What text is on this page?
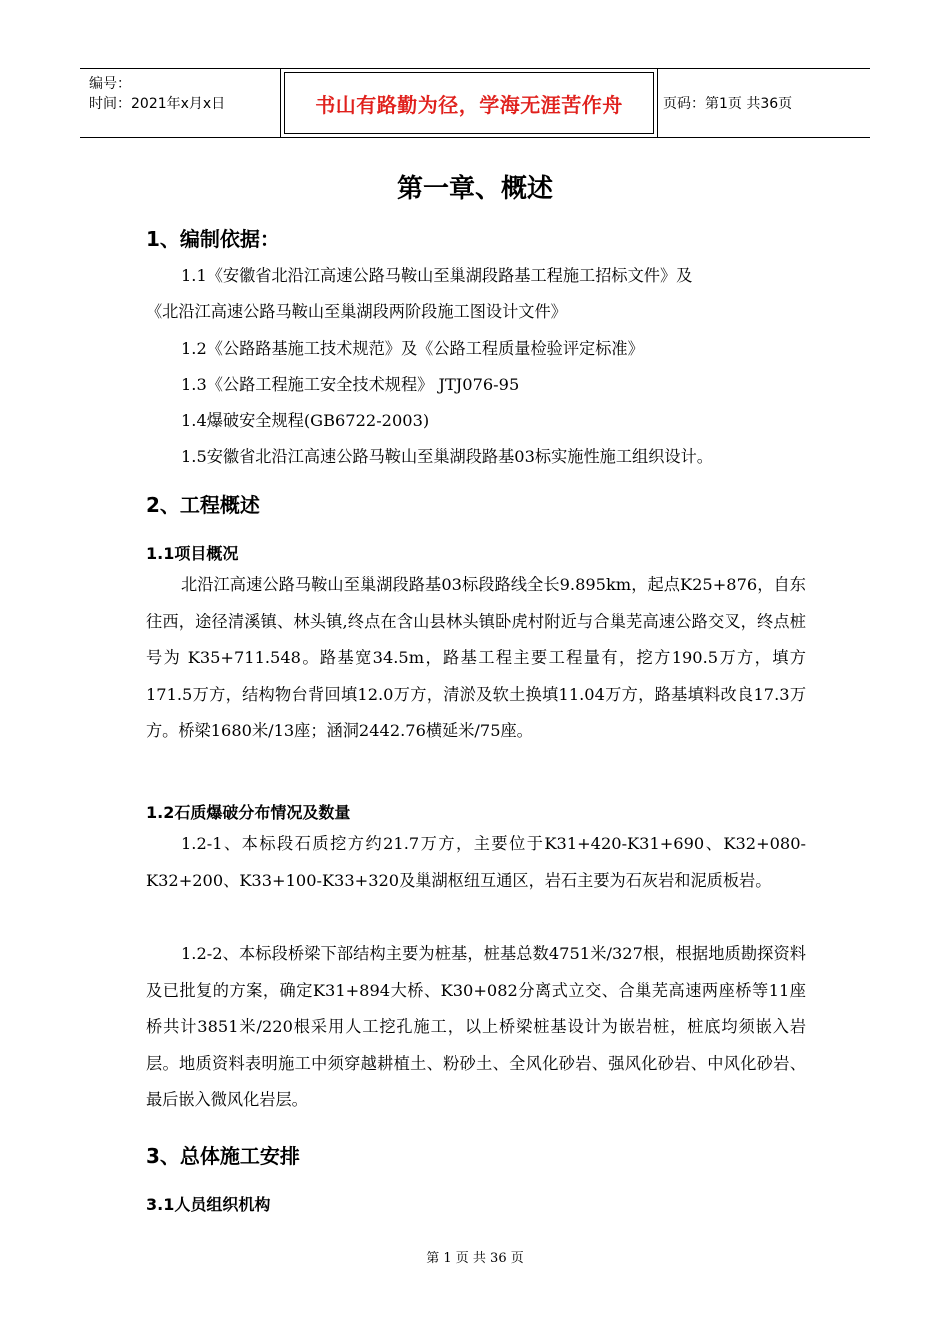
编号：
时间：2021年x月x日	书山有路勤为径，学海无涯苦作舟	页码：第1页 共36页
第一章、概述
1、编制依据：
1.1《安徽省北沿江高速公路马鞍山至巢湖段路基工程施工招标文件》及
《北沿江高速公路马鞍山至巢湖段两阶段施工图设计文件》
1.2《公路路基施工技术规范》及《公路工程质量检验评定标准》
1.3《公路工程施工安全技术规程》 JTJ076-95
1.4爆破安全规程(GB6722-2003)
1.5安徽省北沿江高速公路马鞍山至巢湖段路基03标实施性施工组织设计。
2、工程概述
1.1项目概况
北沿江高速公路马鞍山至巢湖段路基03标段路线全长9.895km，起点K25+876，自东往西，途径清溪镇、林头镇,终点在含山县林头镇卧虎村附近与合巢芜高速公路交叉，终点桩号为 K35+711.548。路基宽34.5m，路基工程主要工程量有，挖方190.5万方，填方171.5万方，结构物台背回填12.0万方，清淤及软土换填11.04万方，路基填料改良17.3万方。桥梁1680米/13座；涵洞2442.76横延米/75座。
1.2石质爆破分布情况及数量
1.2-1、本标段石质挖方约21.7万方，主要位于K31+420-K31+690、K32+080-K32+200、K33+100-K33+320及巢湖枢纽互通区，岩石主要为石灰岩和泥质板岩。
1.2-2、本标段桥梁下部结构主要为桩基，桩基总数4751米/327根，根据地质勘探资料及已批复的方案，确定K31+894大桥、K30+082分离式立交、合巢芜高速两座桥等11座桥共计3851米/220根采用人工挖孔施工，以上桥梁桩基设计为嵌岩桩，桩底均须嵌入岩层。地质资料表明施工中须穿越耕植土、粉砂土、全风化砂岩、强风化砂岩、中风化砂岩、最后嵌入微风化岩层。
3、总体施工安排
3.1人员组织机构
第 1 页 共 36 页
